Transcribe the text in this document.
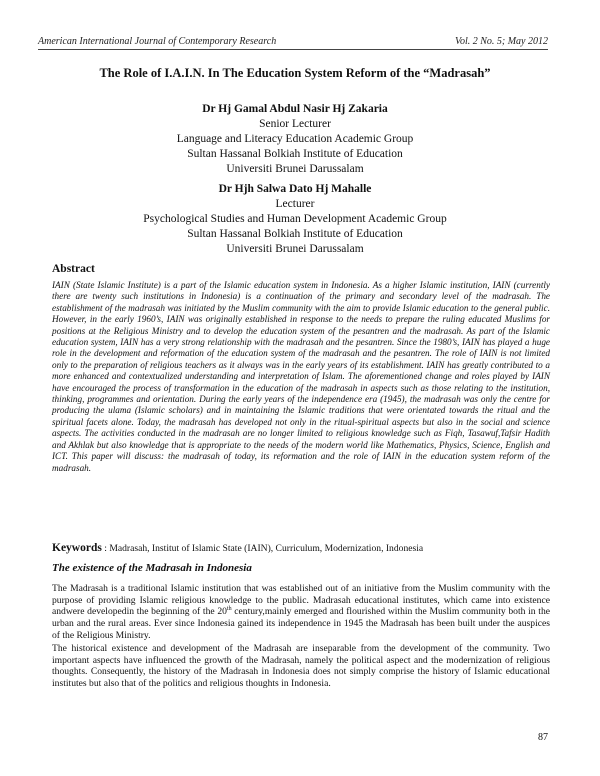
American International Journal of Contemporary Research	Vol. 2 No. 5; May 2012
The Role of I.A.I.N. In The Education System Reform of the “Madrasah”
Dr Hj Gamal Abdul Nasir Hj Zakaria
Senior Lecturer
Language and Literacy Education Academic Group
Sultan Hassanal Bolkiah Institute of Education
Universiti Brunei Darussalam
Dr Hjh Salwa Dato Hj Mahalle
Lecturer
Psychological Studies and Human Development Academic Group
Sultan Hassanal Bolkiah Institute of Education
Universiti Brunei Darussalam
Abstract
IAIN (State Islamic Institute) is a part of the Islamic education system in Indonesia. As a higher Islamic institution, IAIN (currently there are twenty such institutions in Indonesia) is a continuation of the primary and secondary level of the madrasah. The establishment of the madrasah was initiated by the Muslim community with the aim to provide Islamic education to the general public. However, in the early 1960’s, IAIN was originally established in response to the needs to prepare the ruling educated Muslims for positions at the Religious Ministry and to develop the education system of the pesantren and the madrasah. As part of the Islamic education system, IAIN has a very strong relationship with the madrasah and the pesantren. Since the 1980’s, IAIN has played a huge role in the development and reformation of the education system of the madrasah and the pesantren. The role of IAIN is not limited only to the preparation of religious teachers as it always was in the early years of its establishment. IAIN has greatly contributed to a more enhanced and contextualized understanding and interpretation of Islam. The aforementioned change and roles played by IAIN have encouraged the process of transformation in the education of the madrasah in aspects such as those relating to the institution, thinking, programmes and orientation. During the early years of the independence era (1945), the madrasah was only the centre for producing the ulama (Islamic scholars) and in maintaining the Islamic traditions that were orientated towards the ritual and the spiritual facets alone. Today, the madrasah has developed not only in the ritual-spiritual aspects but also in the social and science aspects. The activities conducted in the madrasah are no longer limited to religious knowledge such as Fiqh, Tasawuf,Tafsir Hadith and Akhlak but also knowledge that is appropriate to the needs of the modern world like Mathematics, Physics, Science, English and ICT. This paper will discuss: the madrasah of today, its reformation and the role of IAIN in the education system reform of the madrasah.
Keywords : Madrasah, Institut of Islamic State (IAIN), Curriculum, Modernization, Indonesia
The existence of the Madrasah in Indonesia
The Madrasah is a traditional Islamic institution that was established out of an initiative from the Muslim community with the purpose of providing Islamic religious knowledge to the public. Madrasah educational institutes, which came into existence andwere developedin the beginning of the 20th century,mainly emerged and flourished within the Muslim community both in the urban and the rural areas. Ever since Indonesia gained its independence in 1945 the Madrasah has been built under the auspices of the Religious Ministry.
The historical existence and development of the Madrasah are inseparable from the development of the community. Two important aspects have influenced the growth of the Madrasah, namely the political aspect and the modernization of religious thoughts. Consequently, the history of the Madrasah in Indonesia does not simply comprise the history of Islamic educational institutes but also that of the politics and religious thoughts in Indonesia.
87
